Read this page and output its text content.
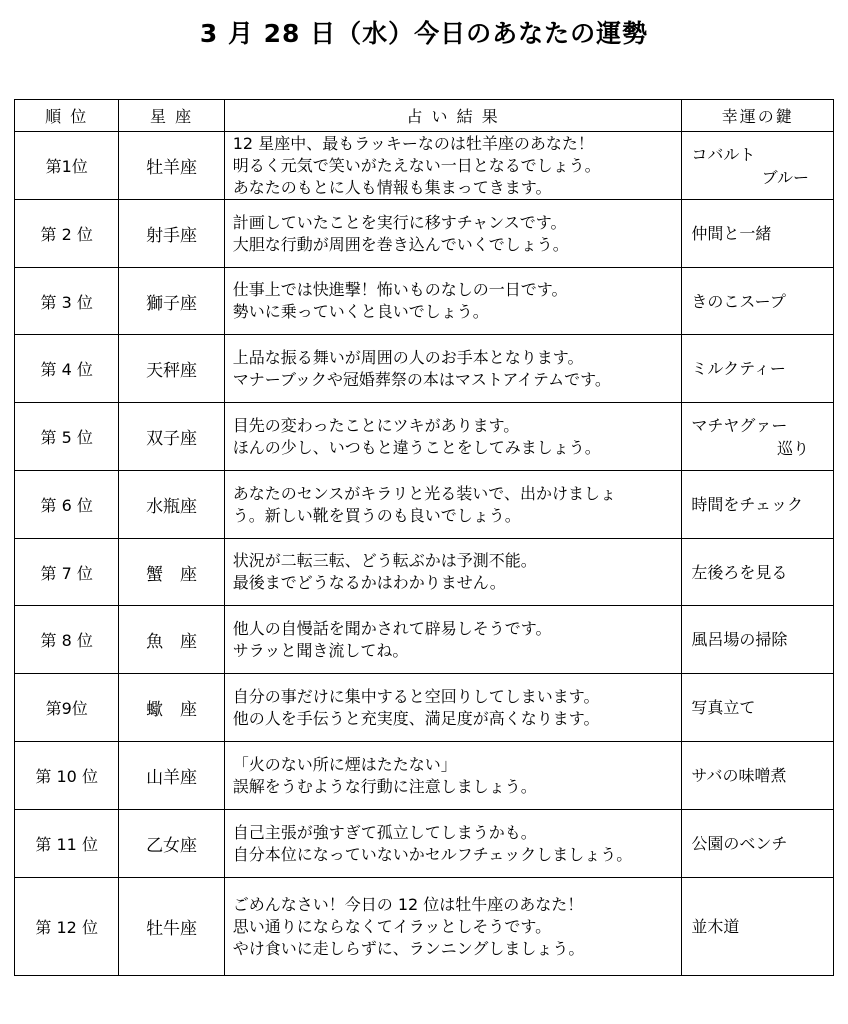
3 月 28 日（水）今日のあなたの運勢
順 位	星 座	占 い 結 果	幸運の鍵
第1位	牡羊座	12 星座中、最もラッキーなのは牡羊座のあなた！
明るく元気で笑いがたえない一日となるでしょう。
あなたのもとに人も情報も集まってきます。	コバルト
ブルー

第 2 位	射手座	計画していたことを実行に移すチャンスです。
大胆な行動が周囲を巻き込んでいくでしょう。	仲間と一緒

第 3 位	獅子座	仕事上では快進撃！怖いものなしの一日です。
勢いに乗っていくと良いでしょう。	きのこスープ

第 4 位	天秤座	上品な振る舞いが周囲の人のお手本となります。
マナーブックや冠婚葬祭の本はマストアイテムです。	ミルクティー

第 5 位	双子座	目先の変わったことにツキがあります。
ほんの少し、いつもと違うことをしてみましょう。	マチヤグァー
巡り

第 6 位	水瓶座	あなたのセンスがキラリと光る装いで、出かけましょ
う。新しい靴を買うのも良いでしょう。	時間をチェック

第 7 位	蟹　座	状況が二転三転、どう転ぶかは予測不能。
最後までどうなるかはわかりません。	左後ろを見る

第 8 位	魚　座	他人の自慢話を聞かされて辟易しそうです。
サラッと聞き流してね。	風呂場の掃除

第9位	蠍　座	自分の事だけに集中すると空回りしてしまいます。
他の人を手伝うと充実度、満足度が高くなります。	写真立て

第 10 位	山羊座	「火のない所に煙はたたない」
誤解をうむような行動に注意しましょう。	サバの味噌煮

第 11 位	乙女座	自己主張が強すぎて孤立してしまうかも。
自分本位になっていないかセルフチェックしましょう。	公園のベンチ

第 12 位	牡牛座	ごめんなさい！今日の 12 位は牡牛座のあなた！
思い通りにならなくてイラッとしそうです。
やけ食いに走しらずに、ランニングしましょう。	並木道
